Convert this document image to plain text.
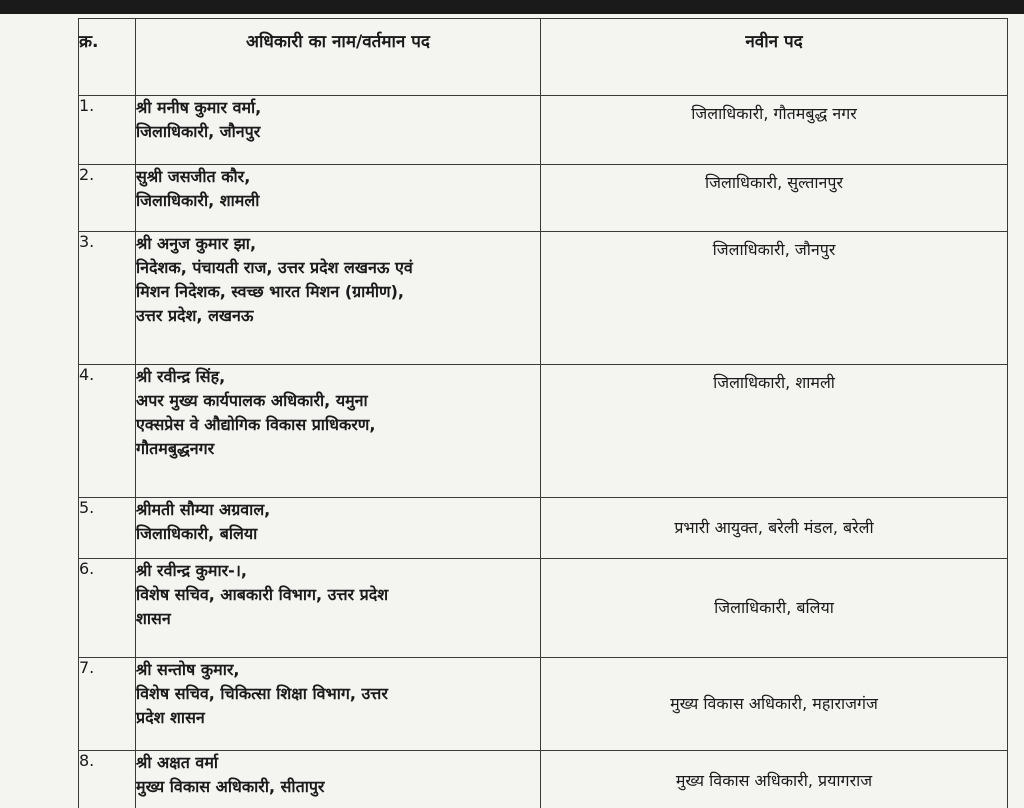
क्र.	अधिकारी का नाम/वर्तमान पद	नवीन पद
1.	श्री मनीष कुमार वर्मा,
जिलाधिकारी, जौनपुर	जिलाधिकारी, गौतमबुद्ध नगर
2.	सुश्री जसजीत कौर,
जिलाधिकारी, शामली	जिलाधिकारी, सुल्तानपुर
3.	श्री अनुज कुमार झा,
निदेशक, पंचायती राज, उत्तर प्रदेश लखनऊ एवं
मिशन निदेशक, स्वच्छ भारत मिशन (ग्रामीण),
उत्तर प्रदेश, लखनऊ	जिलाधिकारी, जौनपुर
4.	श्री रवीन्द्र सिंह,
अपर मुख्य कार्यपालक अधिकारी, यमुना
एक्सप्रेस वे औद्योगिक विकास प्राधिकरण,
गौतमबुद्धनगर	जिलाधिकारी, शामली
5.	श्रीमती सौम्या अग्रवाल,
जिलाधिकारी, बलिया	प्रभारी आयुक्त, बरेली मंडल, बरेली
6.	श्री रवीन्द्र कुमार-।,
विशेष सचिव, आबकारी विभाग, उत्तर प्रदेश
शासन	जिलाधिकारी, बलिया
7.	श्री सन्तोष कुमार,
विशेष सचिव, चिकित्सा शिक्षा विभाग, उत्तर
प्रदेश शासन	मुख्य विकास अधिकारी, महाराजगंज
8.	श्री अक्षत वर्मा
मुख्य विकास अधिकारी, सीतापुर	मुख्य विकास अधिकारी, प्रयागराज
